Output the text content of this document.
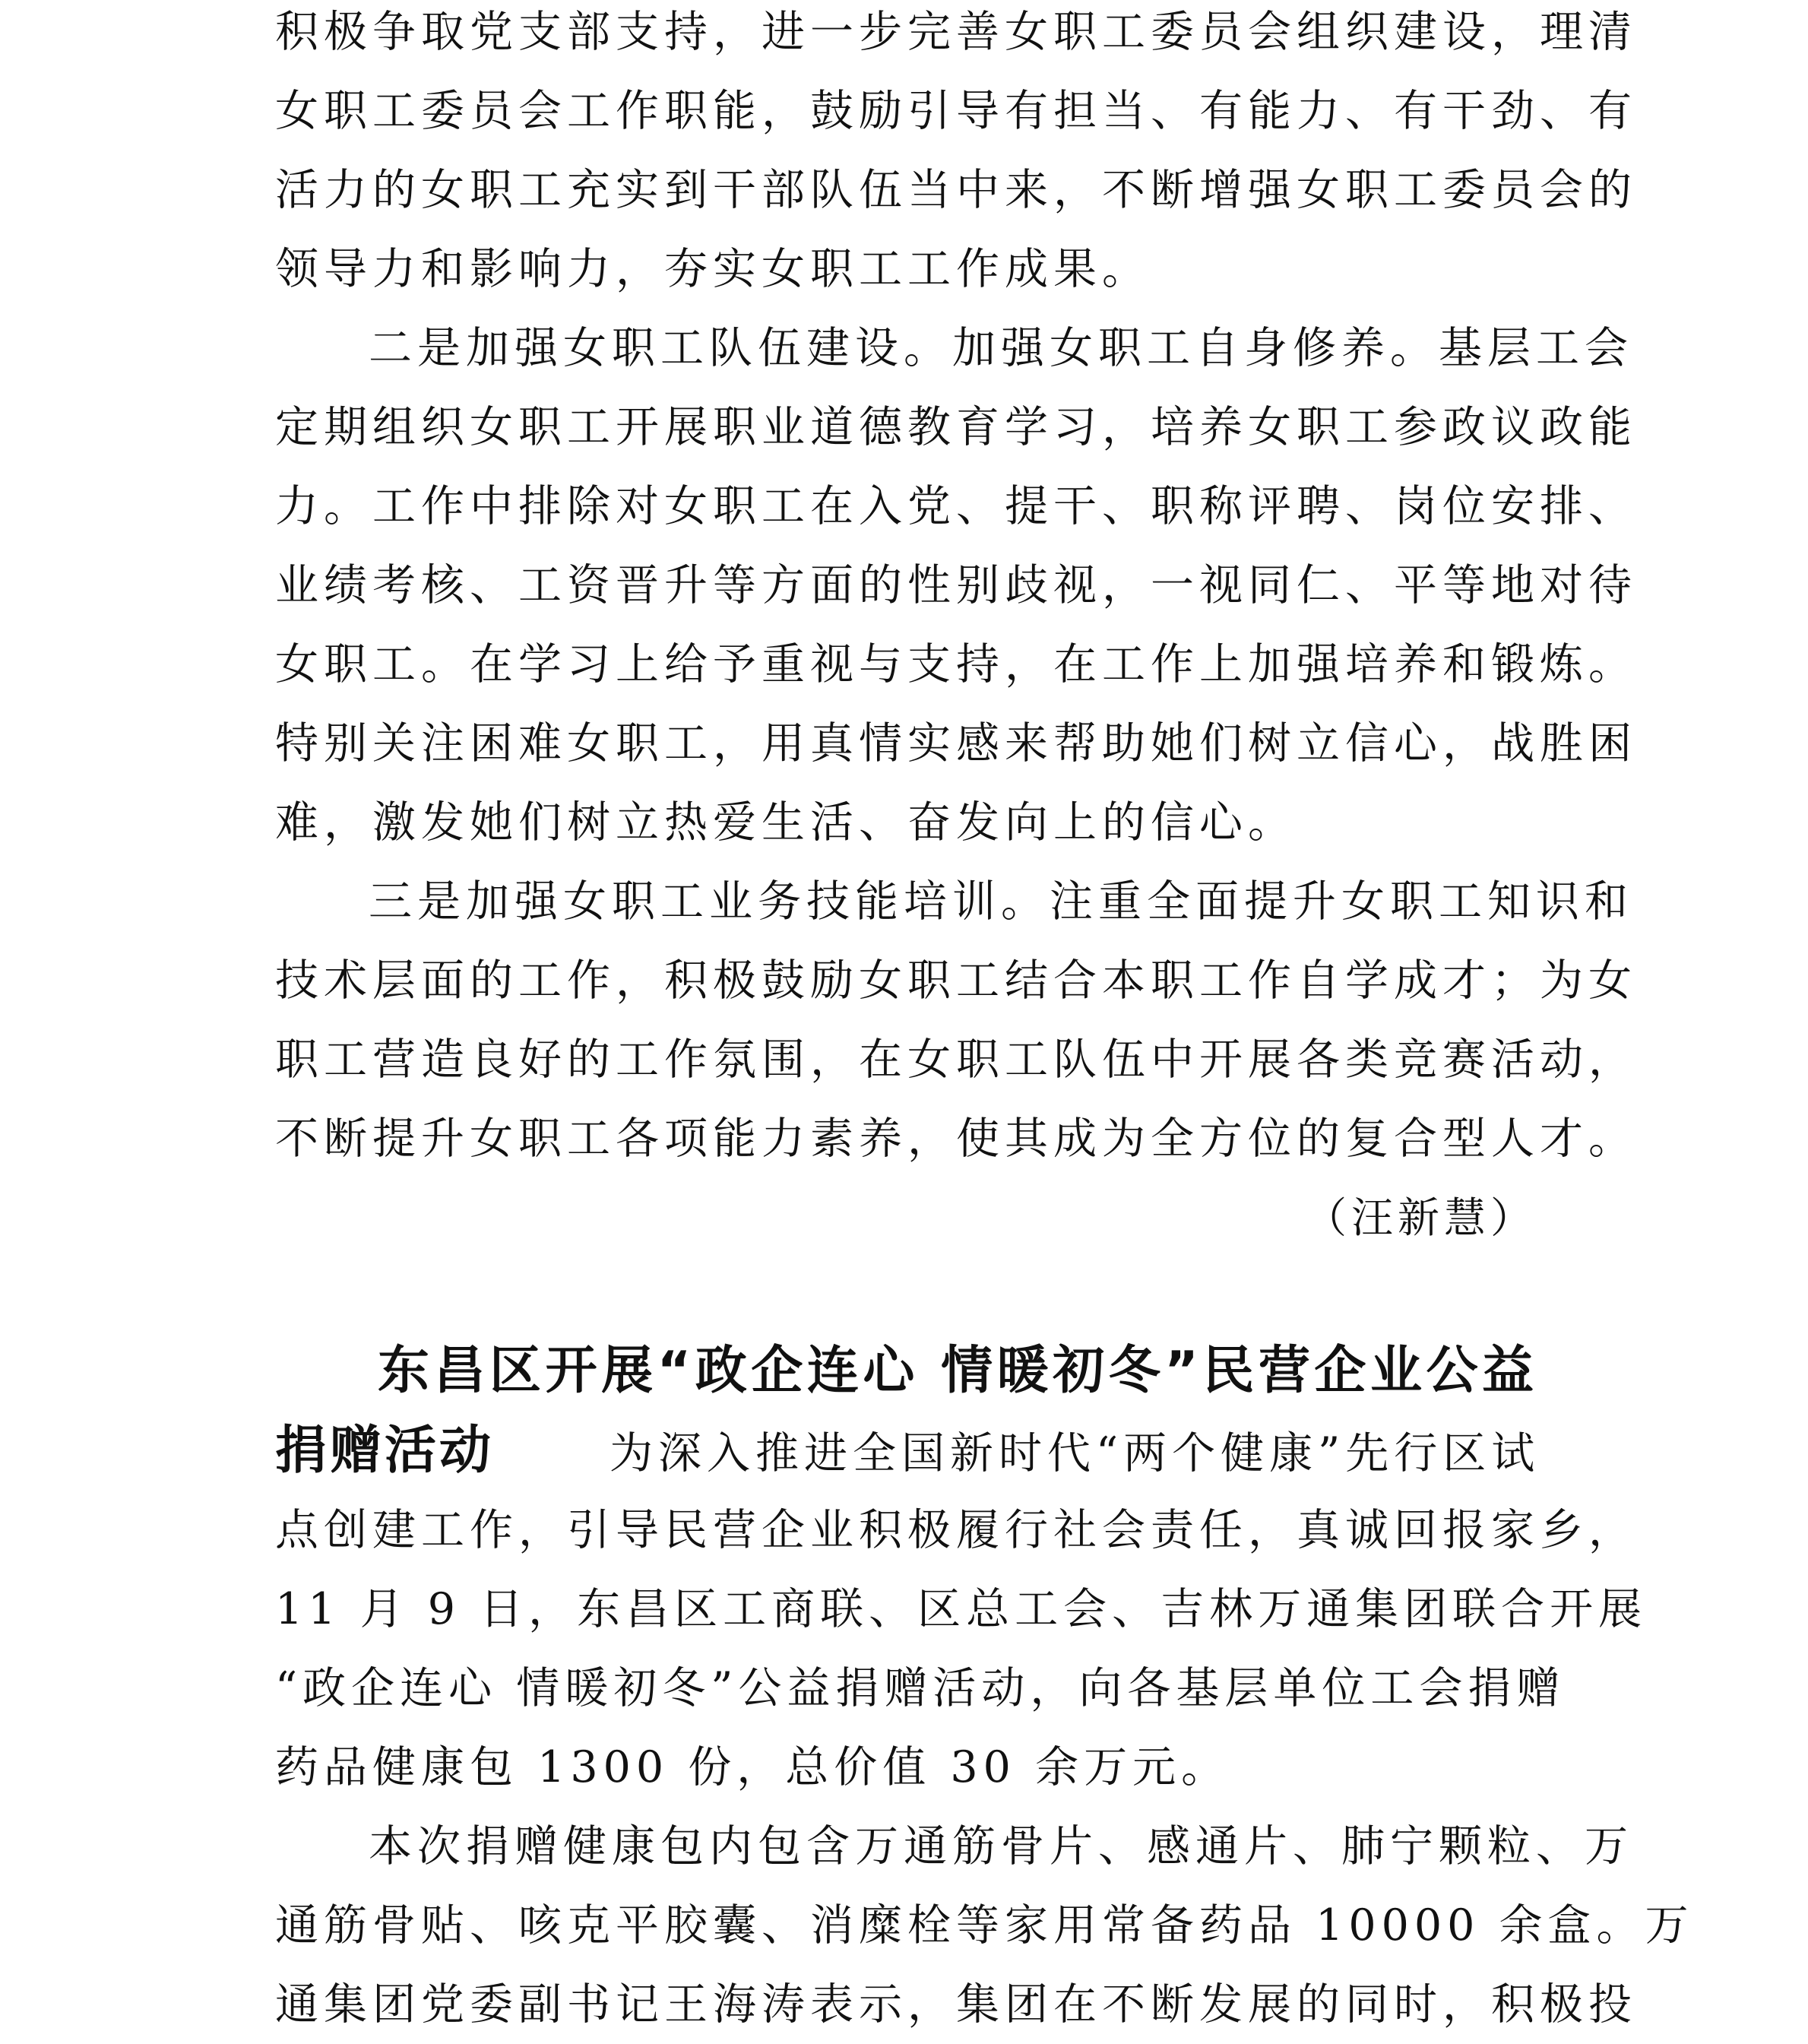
积极争取党支部支持，进一步完善女职工委员会组织建设，理清
女职工委员会工作职能，鼓励引导有担当、有能力、有干劲、有
活力的女职工充实到干部队伍当中来，不断增强女职工委员会的
领导力和影响力，夯实女职工工作成果。
二是加强女职工队伍建设。加强女职工自身修养。基层工会
定期组织女职工开展职业道德教育学习，培养女职工参政议政能
力。工作中排除对女职工在入党、提干、职称评聘、岗位安排、
业绩考核、工资晋升等方面的性别歧视，一视同仁、平等地对待
女职工。在学习上给予重视与支持，在工作上加强培养和锻炼。
特别关注困难女职工，用真情实感来帮助她们树立信心，战胜困
难，激发她们树立热爱生活、奋发向上的信心。
三是加强女职工业务技能培训。注重全面提升女职工知识和
技术层面的工作，积极鼓励女职工结合本职工作自学成才；为女
职工营造良好的工作氛围，在女职工队伍中开展各类竞赛活动，
不断提升女职工各项能力素养，使其成为全方位的复合型人才。
（汪新慧）
东昌区开展“政企连心 情暖初冬”民营企业公益
捐赠活动	为深入推进全国新时代“两个健康”先行区试
点创建工作，引导民营企业积极履行社会责任，真诚回报家乡，
11 月 9 日，东昌区工商联、区总工会、吉林万通集团联合开展
“政企连心 情暖初冬”公益捐赠活动，向各基层单位工会捐赠
药品健康包 1300 份，总价值 30 余万元。
本次捐赠健康包内包含万通筋骨片、感通片、肺宁颗粒、万
通筋骨贴、咳克平胶囊、消糜栓等家用常备药品 10000 余盒。万
通集团党委副书记王海涛表示，集团在不断发展的同时，积极投
